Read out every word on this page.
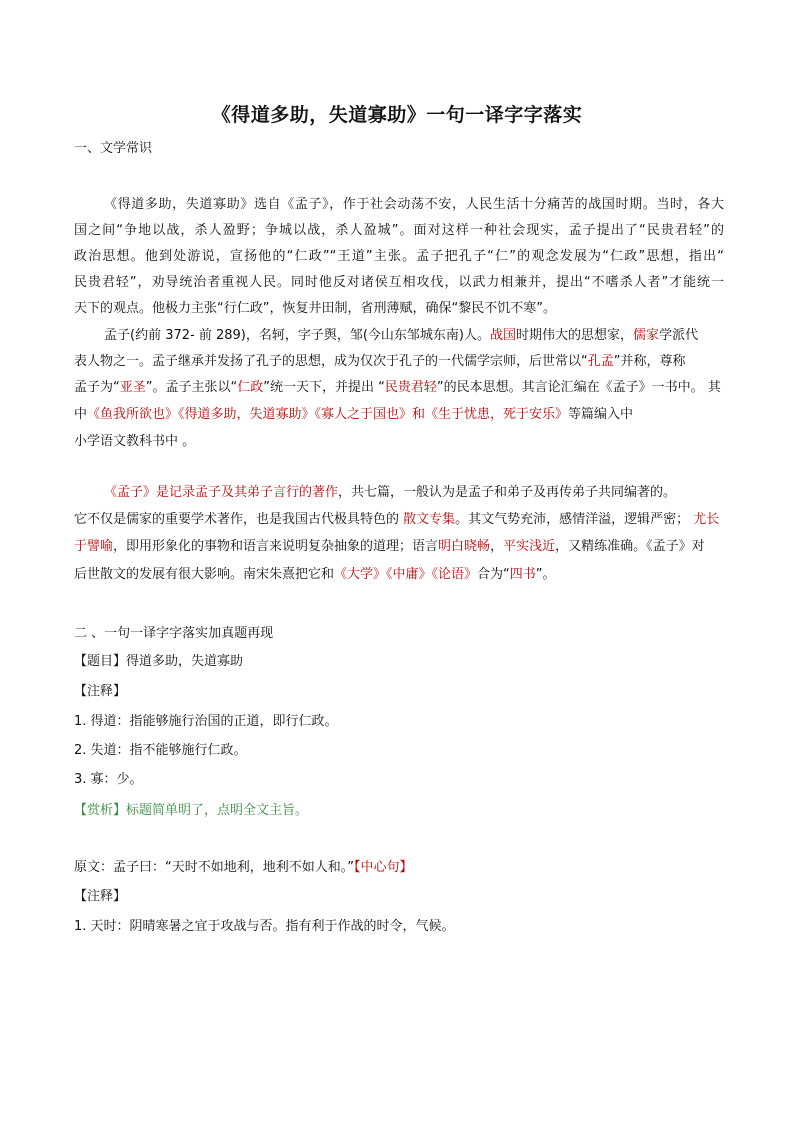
《得道多助，失道寡助》一句一译字字落实
一、文学常识
《得道多助，失道寡助》选自《孟子》，作于社会动荡不安，人民生活十分痛苦的战国时期。当时，各大
国之间“争地以战，杀人盈野；争城以战，杀人盈城”。面对这样一种社会现实，孟子提出了“民贵君轻”的
政治思想。他到处游说，宣扬他的“仁政”“王道”主张。孟子把孔子“仁”的观念发展为“仁政”思想，指出“
民贵君轻”，劝导统治者重视人民。同时他反对诸侯互相攻伐，以武力相兼并，提出“不嗜杀人者”才能统一
天下的观点。他极力主张“行仁政”，恢复井田制，省刑薄赋，确保“黎民不饥不寒”。
孟子(约前 372- 前 289)，名轲，字子舆，邹(今山东邹城东南)人。战国时期伟大的思想家，儒家学派代
表人物之一。孟子继承并发扬了孔子的思想，成为仅次于孔子的一代儒学宗师，后世常以“孔孟”并称，尊称
孟子为“亚圣”。孟子主张以“仁政”统一天下，并提出 “民贵君轻”的民本思想。其言论汇编在《孟子》一书中。 其
中《鱼我所欲也》《得道多助，失道寡助》《寡人之于国也》和《生于忧患，死于安乐》等篇编入中
小学语文教科书中 。
《孟子》是记录孟子及其弟子言行的著作，共七篇，一般认为是孟子和弟子及再传弟子共同编著的。
它不仅是儒家的重要学术著作，也是我国古代极具特色的 散文专集。其文气势充沛，感情洋溢，逻辑严密； 尤长
于譬喻，即用形象化的事物和语言来说明复杂抽象的道理；语言明白晓畅，平实浅近，又精练准确。《孟子》对
后世散文的发展有很大影响。南宋朱熹把它和《大学》《中庸》《论语》合为“四书”。
二 、一句一译字字落实加真题再现
【题目】得道多助，失道寡助
【注释】
1. 得道：指能够施行治国的正道，即行仁政。
2. 失道：指不能够施行仁政。
3. 寡：少。
【赏析】标题简单明了，点明全文主旨。
原文：孟子曰：“天时不如地利，地利不如人和。”【中心句】
【注释】
1. 天时：阴晴寒暑之宜于攻战与否。指有利于作战的时令，气候。
